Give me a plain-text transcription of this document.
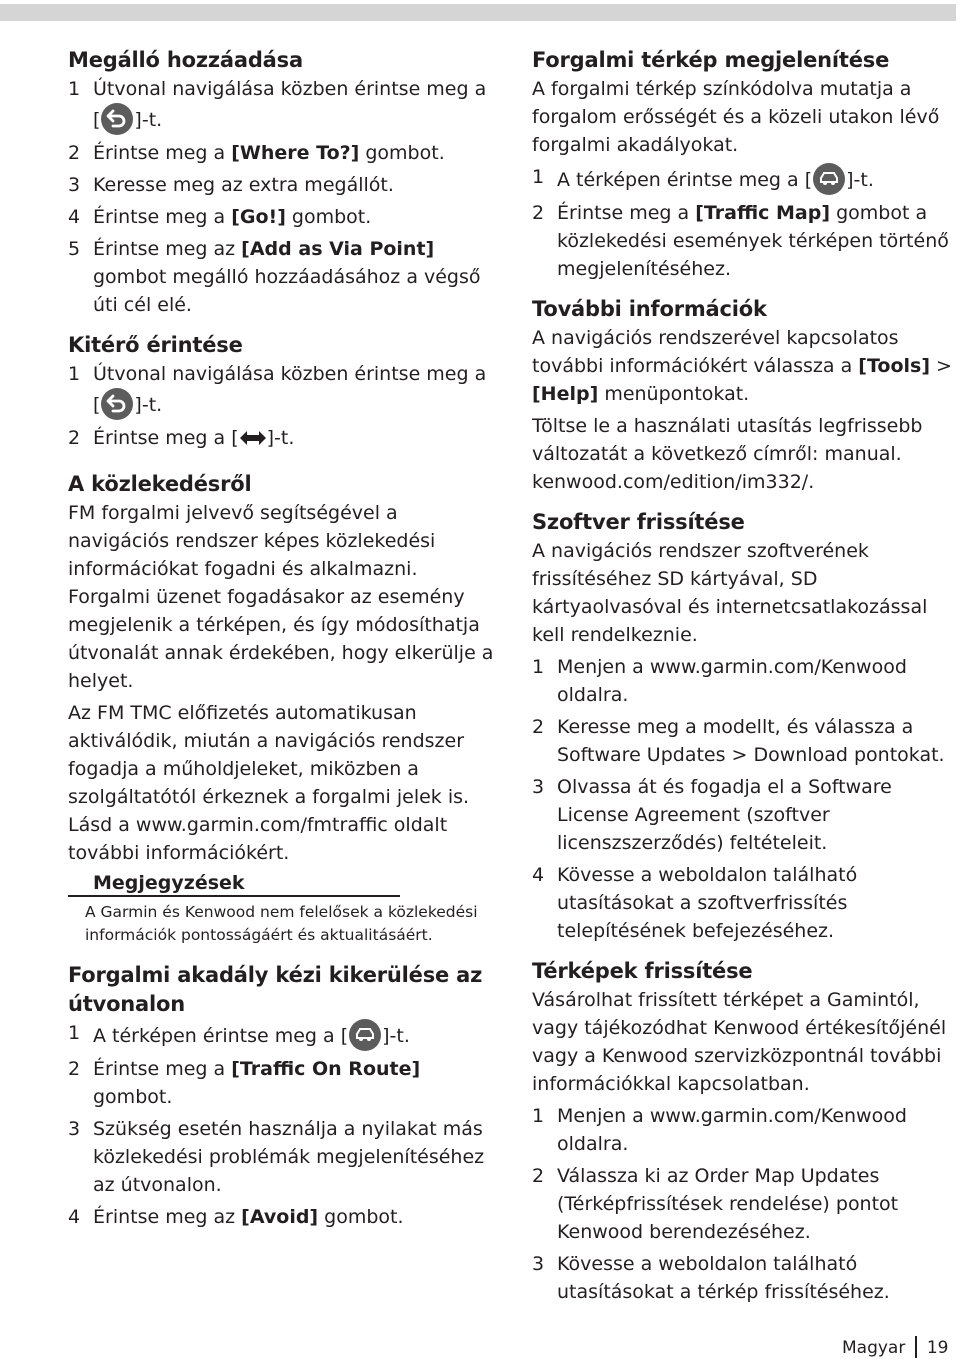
Megálló hozzáadása
1 Útvonal navigálása közben érintse meg a
[ ]-t.
2 Érintse meg a [Where To?] gombot.
3 Keresse meg az extra megállót.
4 Érintse meg a [Go!] gombot.
5 Érintse meg az [Add as Via Point] gombot megálló hozzáadásához a végső úti cél elé.
Kitérő érintése
1 Útvonal navigálása közben érintse meg a
[ ]-t.
2 Érintse meg a [ ]-t.
A közlekedésről

FM forgalmi jelvevő segítségével a navigációs rendszer képes közlekedési információkat fogadni és alkalmazni. Forgalmi üzenet fogadásakor az esemény megjelenik a térképen, és így módosíthatja útvonalát annak érdekében, hogy elkerülje a helyet.

Az FM TMC előfizetés automatikusan aktiválódik, miután a navigációs rendszer fogadja a műholdjeleket, miközben a szolgáltatótól érkeznek a forgalmi jelek is. Lásd a www.garmin.com/fmtraffic oldalt további információkért.

Megjegyzések
A Garmin és Kenwood nem felelősek a közlekedési információk pontosságáért és aktualitásáért.
Forgalmi akadály kézi kikerülése az útvonalon
1 A térképen érintse meg a [ ]-t.
2 Érintse meg a [Traffic On Route] gombot.
3 Szükség esetén használja a nyilakat más közlekedési problémák megjelenítéséhez az útvonalon.
4 Érintse meg az [Avoid] gombot.
Forgalmi térkép megjelenítése

A forgalmi térkép színkódolva mutatja a forgalom erősségét és a közeli utakon lévő forgalmi akadályokat.

1 A térképen érintse meg a [ ]-t.
2 Érintse meg a [Traffic Map] gombot a közlekedési események térképen történő megjelenítéséhez.
További információk

A navigációs rendszerével kapcsolatos további információkért válassza a [Tools] > [Help] menüpontokat.

Töltse le a használati utasítás legfrissebb változatát a következő címről: manual. kenwood.com/edition/im332/.

Szoftver frissítése

A navigációs rendszer szoftverének frissítéséhez SD kártyával, SD kártyaolvasóval és internetcsatlakozással kell rendelkeznie.

1 Menjen a www.garmin.com/Kenwood oldalra.
2 Keresse meg a modellt, és válassza a Software Updates > Download pontokat.
3 Olvassa át és fogadja el a Software License Agreement (szoftver licenszszerződés) feltételeit.
4 Kövesse a weboldalon található utasításokat a szoftverfrissítés telepítésének befejezéséhez.
Térképek frissítése

Vásárolhat frissített térképet a Gamintól, vagy tájékozódhat Kenwood értékesítőjénél vagy a Kenwood szervizközpontnál további információkkal kapcsolatban.

1 Menjen a www.garmin.com/Kenwood oldalra.
2 Válassza ki az Order Map Updates (Térképfrissítések rendelése) pontot Kenwood berendezéséhez.
3 Kövesse a weboldalon található utasításokat a térkép frissítéséhez.
Magyar 19
